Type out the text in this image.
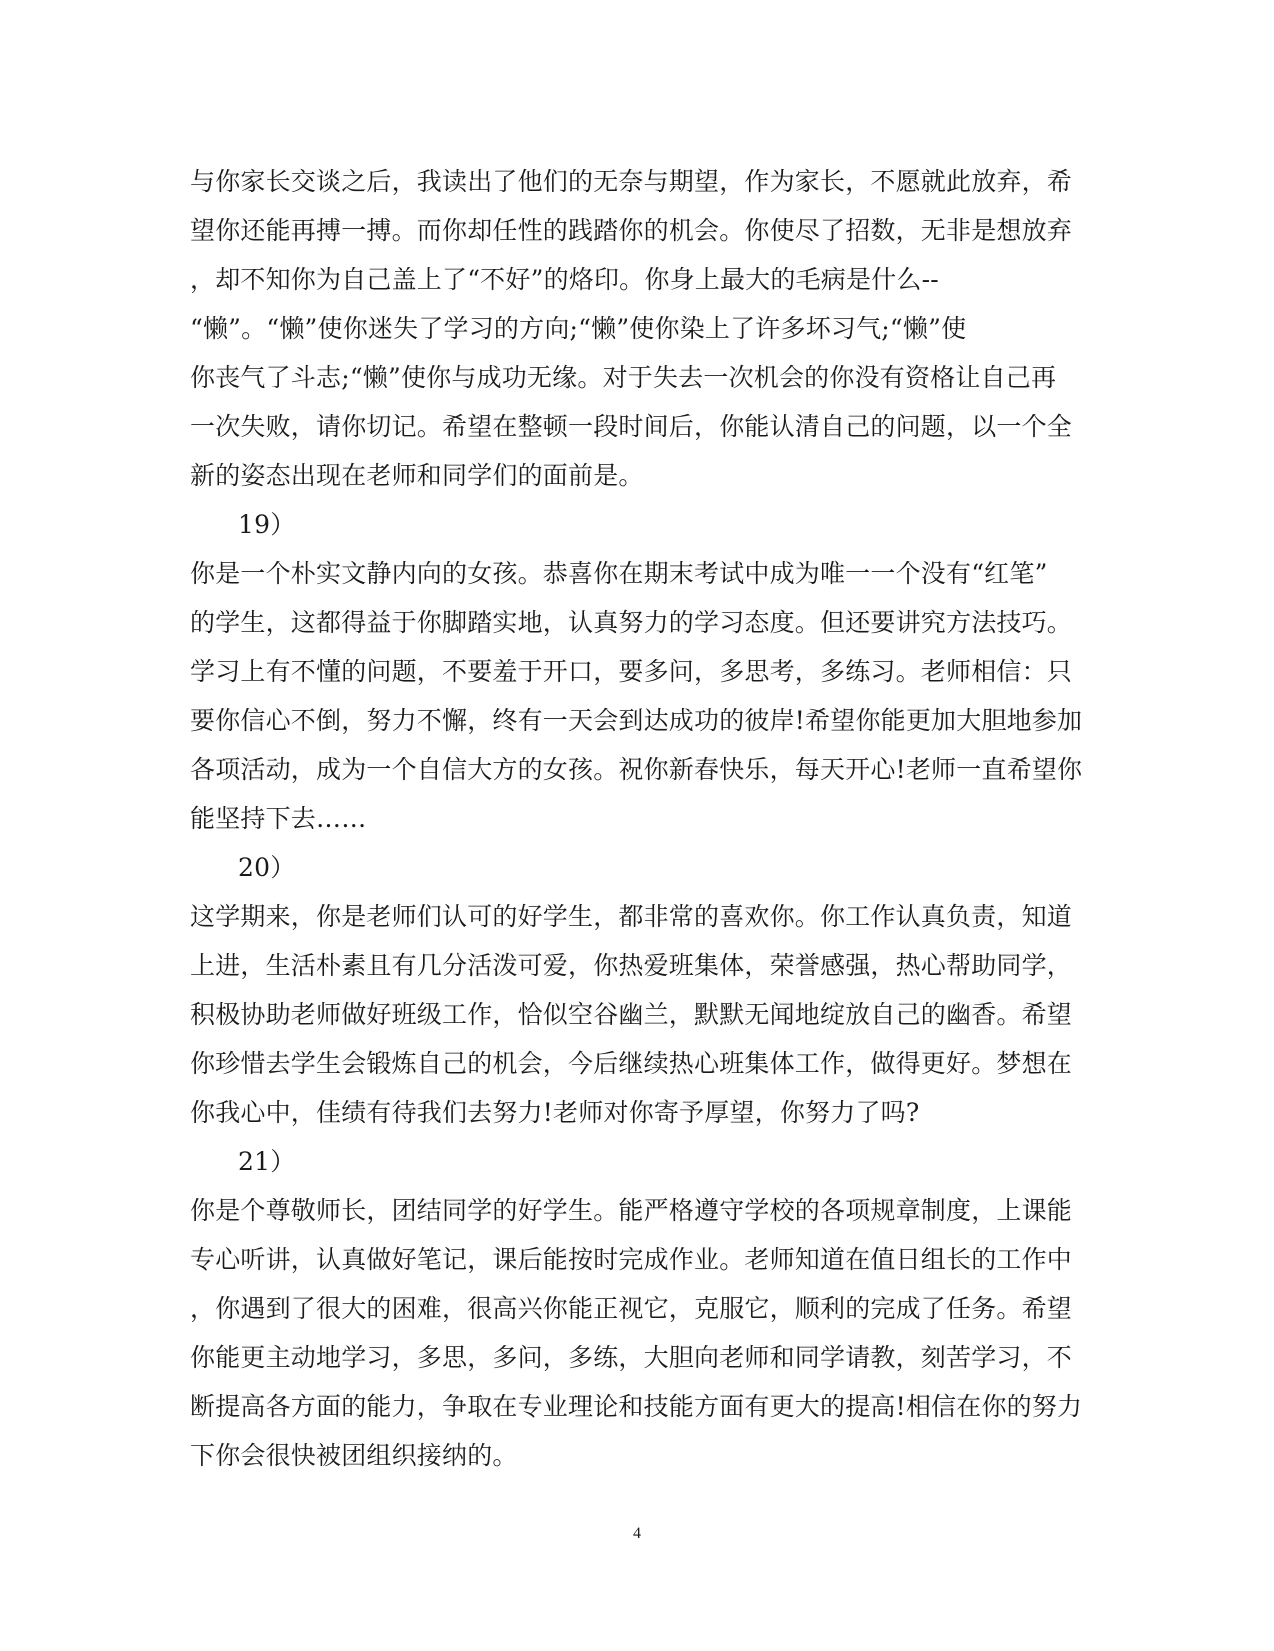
与你家长交谈之后，我读出了他们的无奈与期望，作为家长，不愿就此放弃，希
望你还能再搏一搏。而你却任性的践踏你的机会。你使尽了招数，无非是想放弃
，却不知你为自己盖上了“不好”的烙印。你身上最大的毛病是什么--
“懒”。“懒”使你迷失了学习的方向;“懒”使你染上了许多坏习气;“懒”使
你丧气了斗志;“懒”使你与成功无缘。对于失去一次机会的你没有资格让自己再
一次失败，请你切记。希望在整顿一段时间后，你能认清自己的问题，以一个全
新的姿态出现在老师和同学们的面前是。
19）
你是一个朴实文静内向的女孩。恭喜你在期末考试中成为唯一一个没有“红笔”
的学生，这都得益于你脚踏实地，认真努力的学习态度。但还要讲究方法技巧。
学习上有不懂的问题，不要羞于开口，要多问，多思考，多练习。老师相信：只
要你信心不倒，努力不懈，终有一天会到达成功的彼岸!希望你能更加大胆地参加
各项活动，成为一个自信大方的女孩。祝你新春快乐，每天开心!老师一直希望你
能坚持下去……
20）
这学期来，你是老师们认可的好学生，都非常的喜欢你。你工作认真负责，知道
上进，生活朴素且有几分活泼可爱，你热爱班集体，荣誉感强，热心帮助同学，
积极协助老师做好班级工作，恰似空谷幽兰，默默无闻地绽放自己的幽香。希望
你珍惜去学生会锻炼自己的机会，今后继续热心班集体工作，做得更好。梦想在
你我心中，佳绩有待我们去努力!老师对你寄予厚望，你努力了吗?
21）
你是个尊敬师长，团结同学的好学生。能严格遵守学校的各项规章制度，上课能
专心听讲，认真做好笔记，课后能按时完成作业。老师知道在值日组长的工作中
，你遇到了很大的困难，很高兴你能正视它，克服它，顺利的完成了任务。希望
你能更主动地学习，多思，多问，多练，大胆向老师和同学请教，刻苦学习，不
断提高各方面的能力，争取在专业理论和技能方面有更大的提高!相信在你的努力
下你会很快被团组织接纳的。
4
